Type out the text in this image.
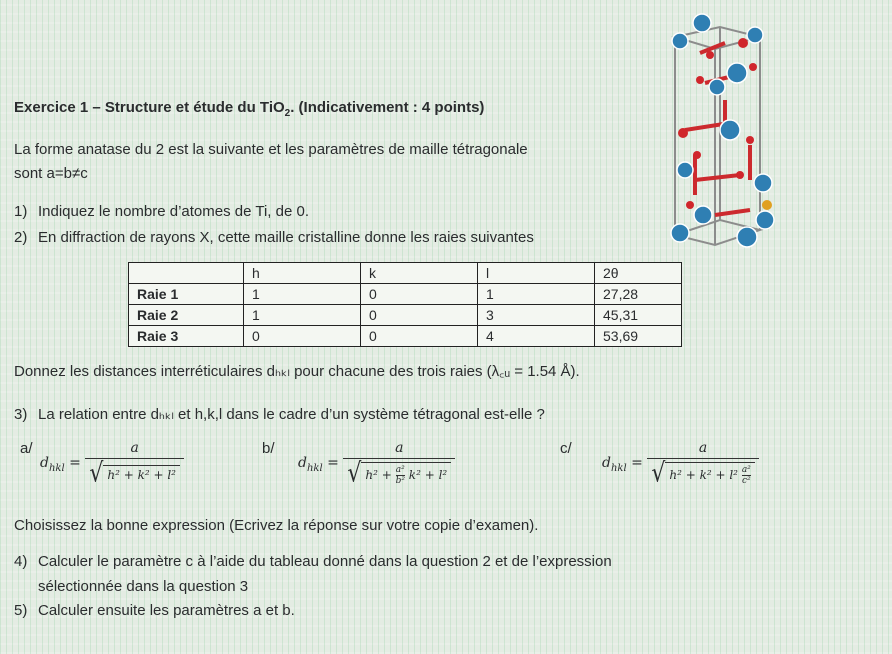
Exercice 1 – Structure et étude du TiO$_2$. (Indicativement : 4 points)
La forme anatase du 2 est la suivante et les paramètres de maille tétragonale
sont a=b≠c
1) Indiquez le nombre d’atomes de Ti, de 0.
2) En diffraction de rayons X, cette maille cristalline donne les raies suivantes
	h	k	l	2θ
Raie 1	1	0	1	27,28
Raie 2	1	0	3	45,31
Raie 3	0	0	4	53,69
Donnez les distances interréticulaires dₕₖₗ pour chacune des trois raies (λ꜀ᵤ = 1.54 Å).
3) La relation entre dₕₖₗ et h,k,l dans le cadre d’un système tétragonal est-elle ?
a/
$d_{hkl} = \frac{a}{\text{√ h² + k² + l²}}$	b/
$d_{hkl} = \frac{a}{√ h^2 + \frac{\text{a²}}{\text{b²}} k^2 + l^2}$	c/
$d_{hkl} = \frac{a}{√ h^2 + k^2 + l^2 \frac{\text{a²}}{\text{c²}}}$
Choisissez la bonne expression (Ecrivez la réponse sur votre copie d’examen).
4) Calculer le paramètre c à l’aide du tableau donné dans la question 2 et de l’expression
sélectionnée dans la question 3
5) Calculer ensuite les paramètres a et b.
